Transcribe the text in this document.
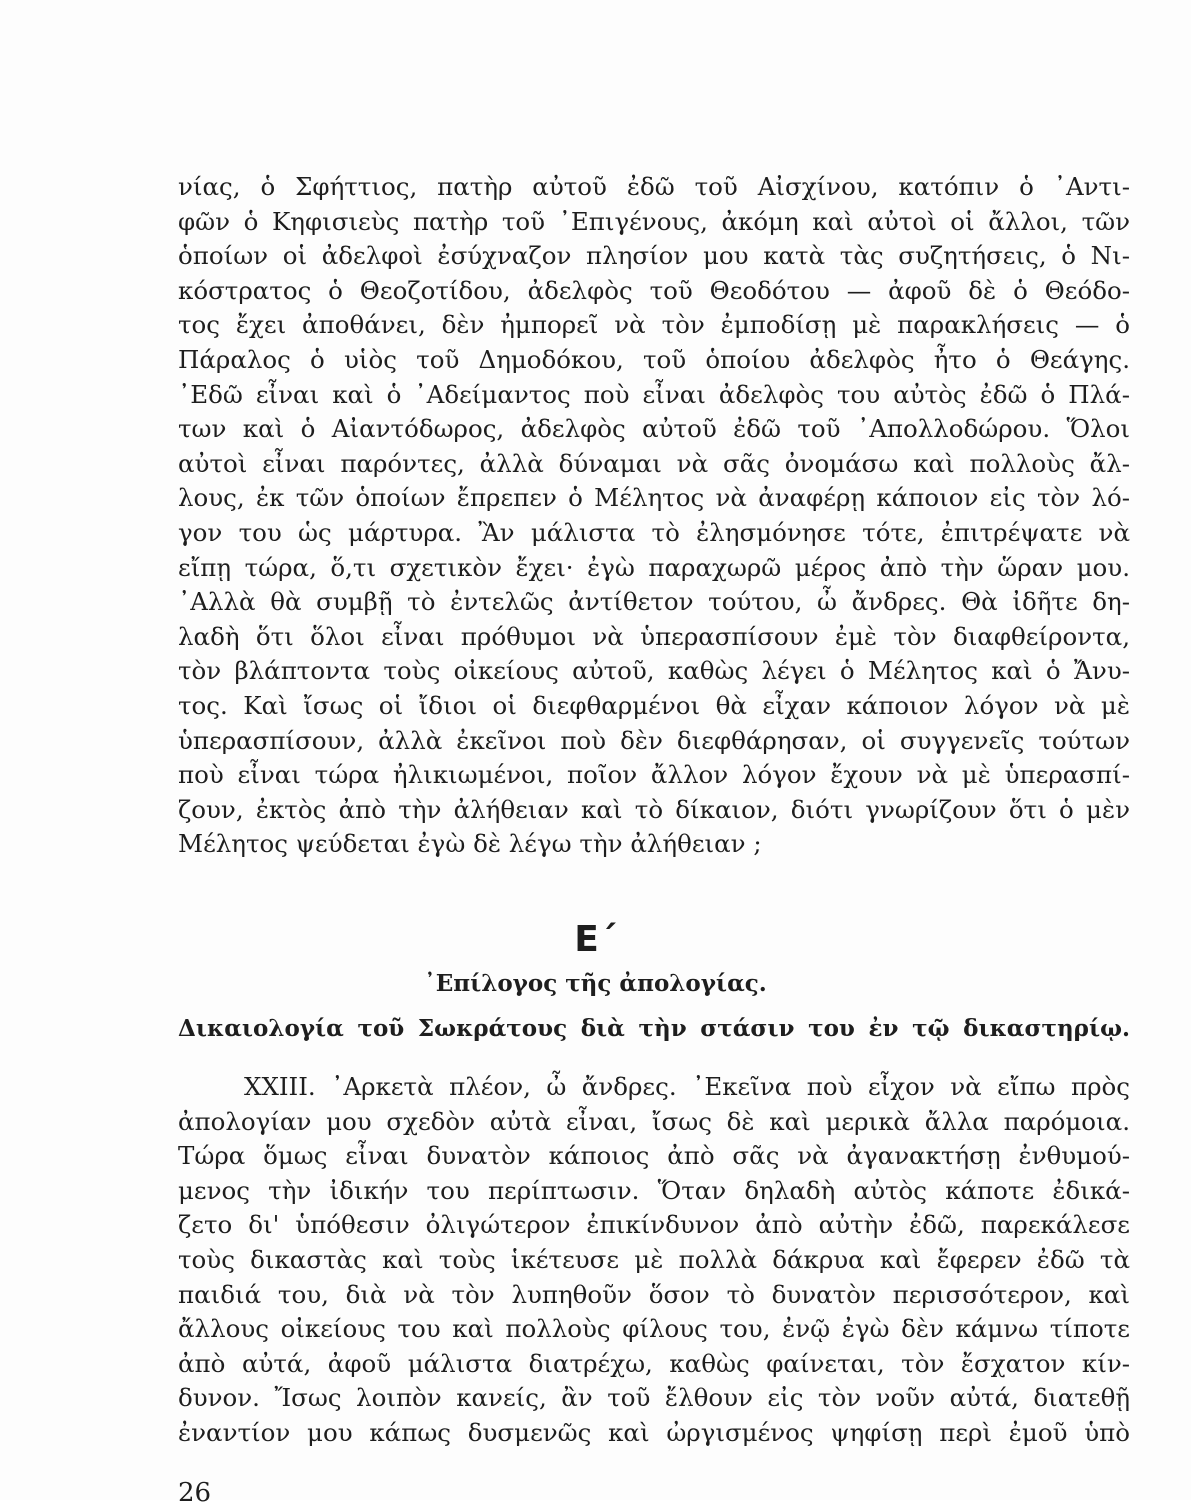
νίας, ὁ Σφήττιος, πατὴρ αὐτοῦ ἐδῶ τοῦ Αἰσχίνου, κατόπιν ὁ ᾿Αντι-
φῶν ὁ Κηφισιεὺς πατὴρ τοῦ ᾿Επιγένους, ἀκόμη καὶ αὐτοὶ οἱ ἄλλοι, τῶν
ὁποίων οἱ ἀδελφοὶ ἐσύχναζον πλησίον μου κατὰ τὰς συζητήσεις, ὁ Νι-
κόστρατος ὁ Θεοζοτίδου, ἀδελφὸς τοῦ Θεοδότου — ἀφοῦ δὲ ὁ Θεόδο-
τος ἔχει ἀποθάνει, δὲν ἠμπορεῖ νὰ τὸν ἐμποδίσῃ μὲ παρακλήσεις — ὁ
Πάραλος ὁ υἱὸς τοῦ Δημοδόκου, τοῦ ὁποίου ἀδελφὸς ἦτο ὁ Θεάγης.
᾿Εδῶ εἶναι καὶ ὁ ᾿Αδείμαντος ποὺ εἶναι ἀδελφὸς του αὐτὸς ἐδῶ ὁ Πλά-
των καὶ ὁ Αἰαντόδωρος, ἀδελφὸς αὐτοῦ ἐδῶ τοῦ ᾿Απολλοδώρου. Ὅλοι
αὐτοὶ εἶναι παρόντες, ἀλλὰ δύναμαι νὰ σᾶς ὀνομάσω καὶ πολλοὺς ἄλ-
λους, ἐκ τῶν ὁποίων ἔπρεπεν ὁ Μέλητος νὰ ἀναφέρῃ κάποιον εἰς τὸν λό-
γον του ὡς μάρτυρα. Ἂν μάλιστα τὸ ἐλησμόνησε τότε, ἐπιτρέψατε νὰ
εἴπῃ τώρα, ὅ,τι σχετικὸν ἔχει· ἐγὼ παραχωρῶ μέρος ἀπὸ τὴν ὥραν μου.
᾿Αλλὰ θὰ συμβῇ τὸ ἐντελῶς ἀντίθετον τούτου, ὦ ἄνδρες. Θὰ ἰδῆτε δη-
λαδὴ ὅτι ὅλοι εἶναι πρόθυμοι νὰ ὑπερασπίσουν ἐμὲ τὸν διαφθείροντα,
τὸν βλάπτοντα τοὺς οἰκείους αὐτοῦ, καθὼς λέγει ὁ Μέλητος καὶ ὁ Ἄνυ-
τος. Καὶ ἴσως οἱ ἴδιοι οἱ διεφθαρμένοι θὰ εἶχαν κάποιον λόγον νὰ μὲ
ὑπερασπίσουν, ἀλλὰ ἐκεῖνοι ποὺ δὲν διεφθάρησαν, οἱ συγγενεῖς τούτων
ποὺ εἶναι τώρα ἠλικιωμένοι, ποῖον ἄλλον λόγον ἔχουν νὰ μὲ ὑπερασπί-
ζουν, ἐκτὸς ἀπὸ τὴν ἀλήθειαν καὶ τὸ δίκαιον, διότι γνωρίζουν ὅτι ὁ μὲν
Μέλητος ψεύδεται ἐγὼ δὲ λέγω τὴν ἀλήθειαν ;
Ε΄
᾿Επίλογος τῆς ἀπολογίας.
Δικαιολογία τοῦ Σωκράτους διὰ τὴν στάσιν του ἐν τῷ δικαστηρίῳ.
XXIII. ᾿Αρκετὰ πλέον, ὦ ἄνδρες. ᾿Εκεῖνα ποὺ εἶχον νὰ εἴπω πρὸς
ἀπολογίαν μου σχεδὸν αὐτὰ εἶναι, ἴσως δὲ καὶ μερικὰ ἄλλα παρόμοια.
Τώρα ὅμως εἶναι δυνατὸν κάποιος ἀπὸ σᾶς νὰ ἀγανακτήσῃ ἐνθυμού-
μενος τὴν ἰδικήν του περίπτωσιν. Ὅταν δηλαδὴ αὐτὸς κάποτε ἐδικά-
ζετο δι' ὑπόθεσιν ὀλιγώτερον ἐπικίνδυνον ἀπὸ αὐτὴν ἐδῶ, παρεκάλεσε
τοὺς δικαστὰς καὶ τοὺς ἱκέτευσε μὲ πολλὰ δάκρυα καὶ ἔφερεν ἐδῶ τὰ
παιδιά του, διὰ νὰ τὸν λυπηθοῦν ὅσον τὸ δυνατὸν περισσότερον, καὶ
ἄλλους οἰκείους του καὶ πολλοὺς φίλους του, ἐνῷ ἐγὼ δὲν κάμνω τίποτε
ἀπὸ αὐτά, ἀφοῦ μάλιστα διατρέχω, καθὼς φαίνεται, τὸν ἔσχατον κίν-
δυνον. Ἴσως λοιπὸν κανείς, ἂν τοῦ ἔλθουν εἰς τὸν νοῦν αὐτά, διατεθῇ
ἐναντίον μου κάπως δυσμενῶς καὶ ὠργισμένος ψηφίσῃ περὶ ἐμοῦ ὑπὸ
26
